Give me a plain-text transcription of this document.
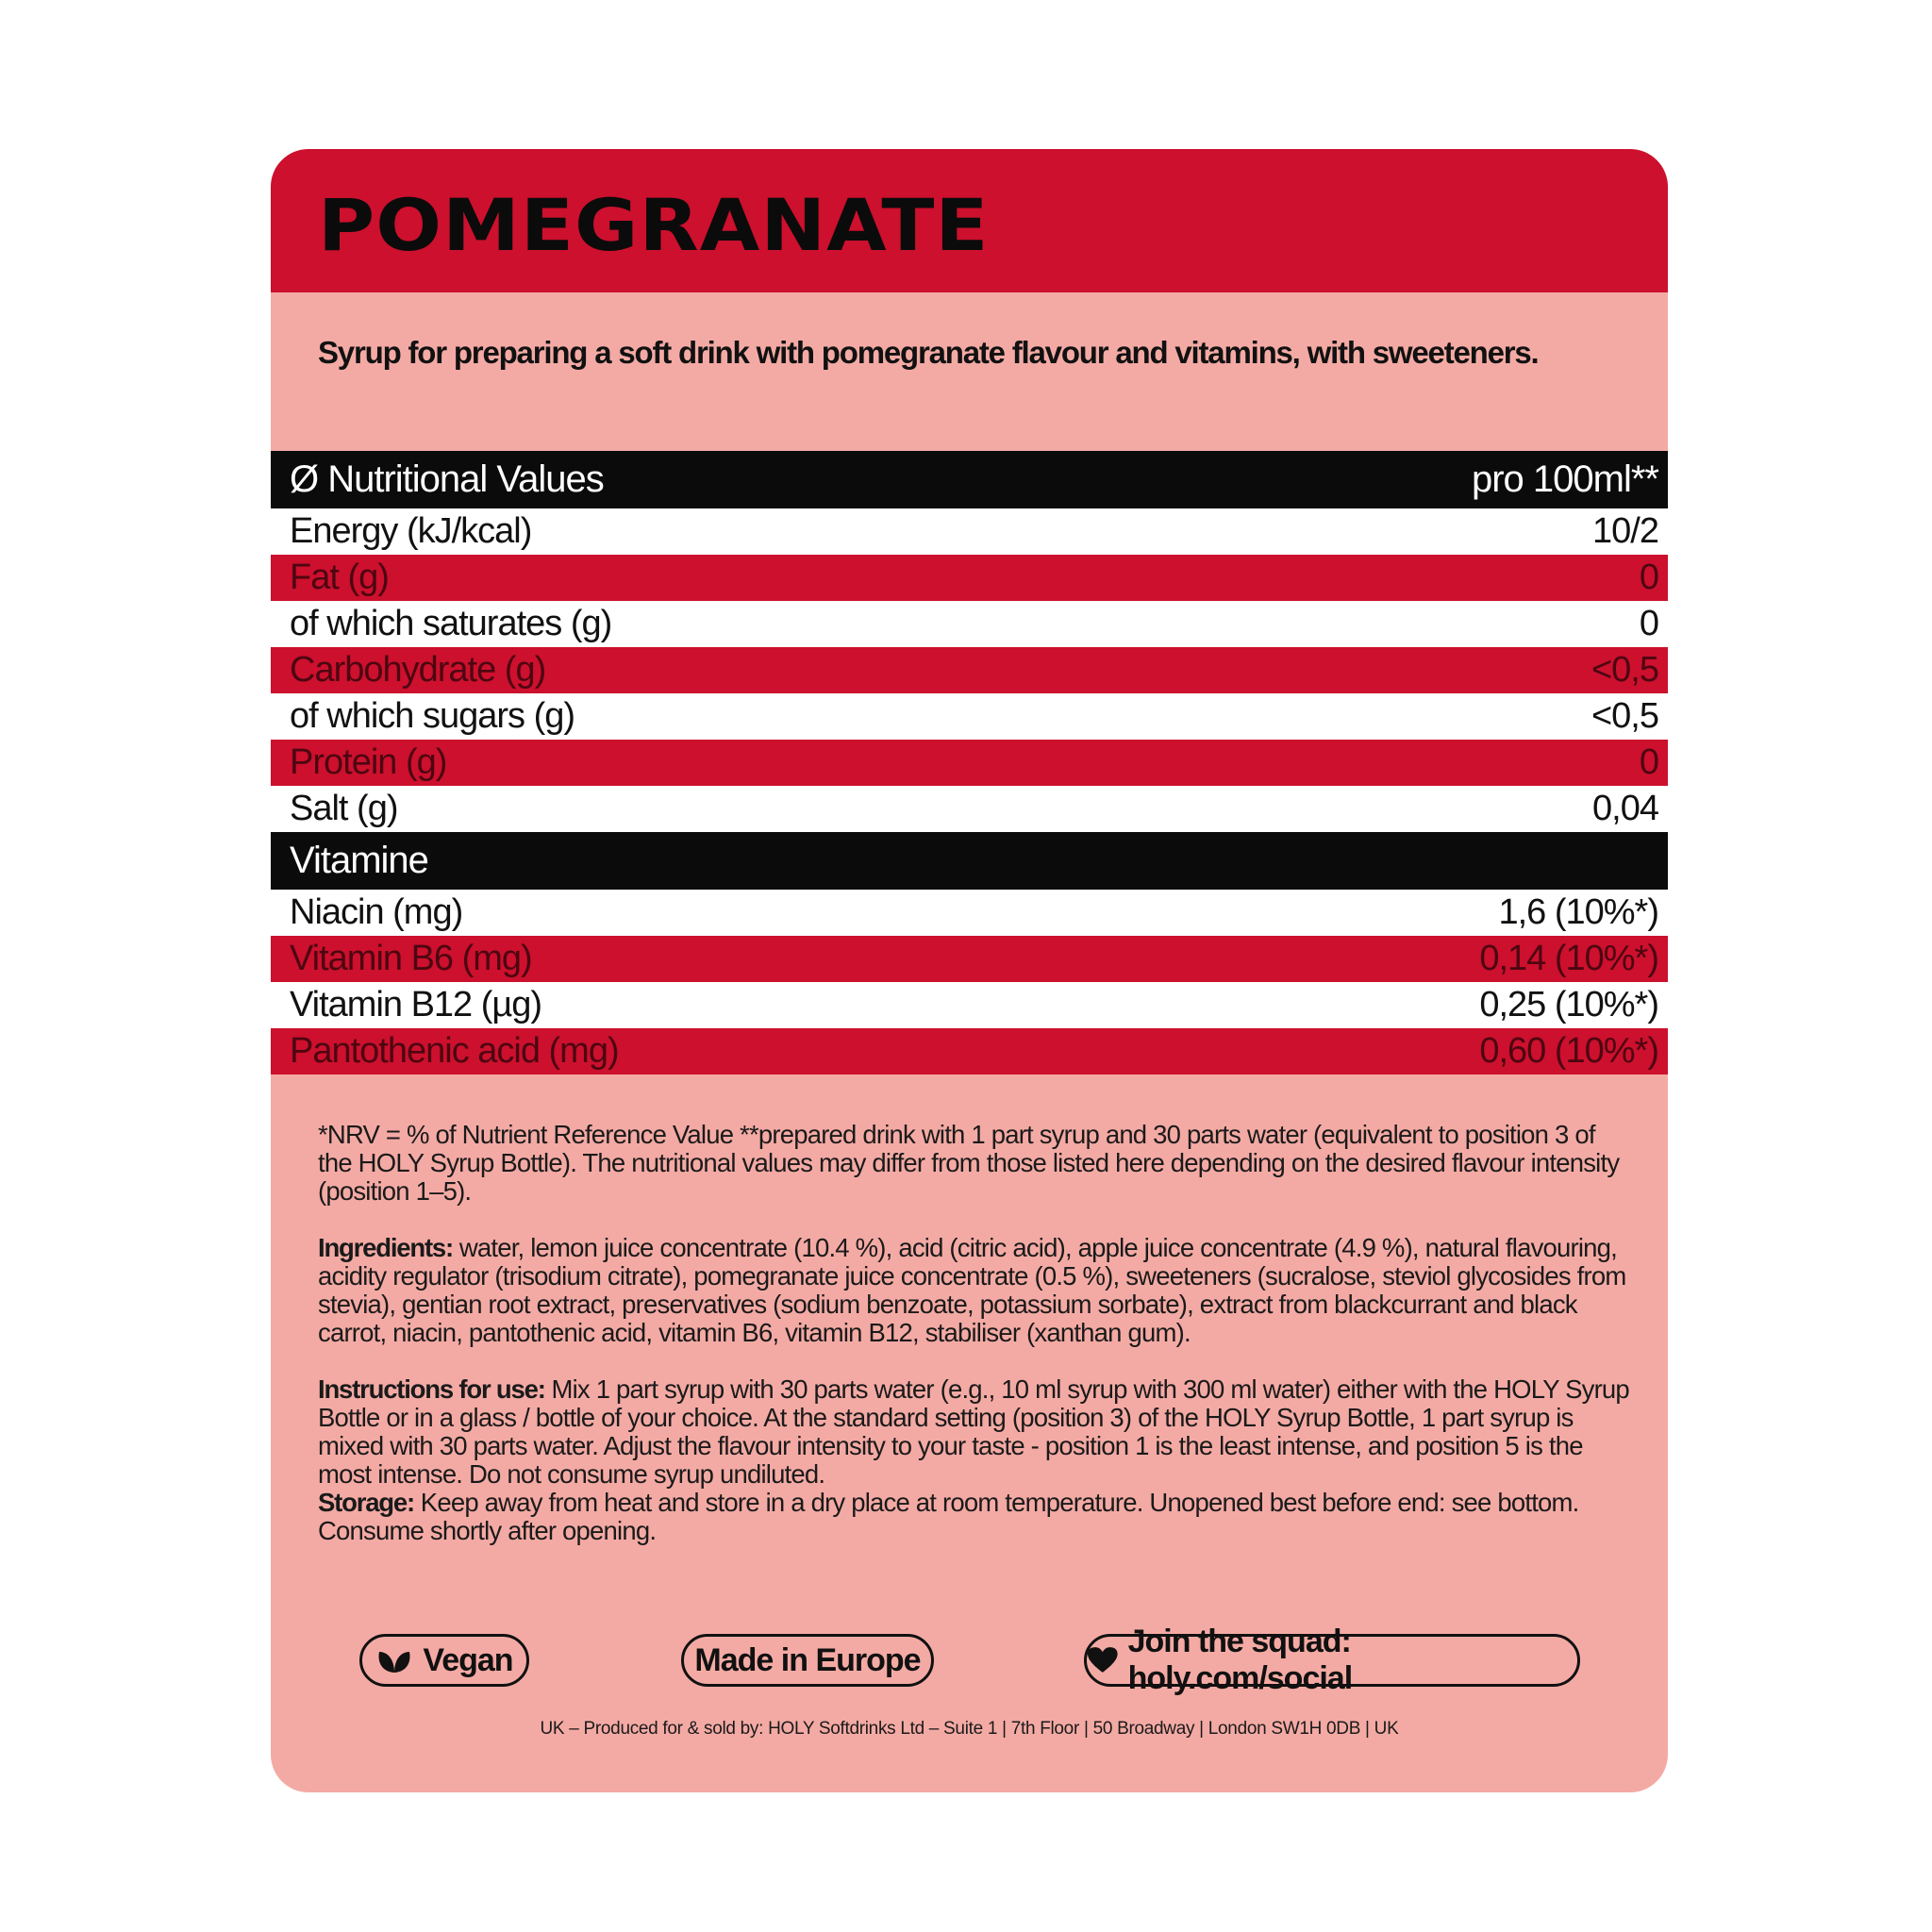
POMEGRANATE

Syrup for preparing a soft drink with pomegranate flavour and vitamins, with sweeteners.

Ø Nutritional Values	pro 100ml**
Energy (kJ/kcal)	10/2
Fat (g)	0
of which saturates (g)	0
Carbohydrate (g)	<0,5
of which sugars (g)	<0,5
Protein (g)	0
Salt (g)	0,04
Vitamine
Niacin (mg)	1,6 (10%*)
Vitamin B6 (mg)	0,14 (10%*)
Vitamin B12 (µg)	0,25 (10%*)
Pantothenic acid (mg)	0,60 (10%*)

*NRV = % of Nutrient Reference Value **prepared drink with 1 part syrup and 30 parts water (equivalent to position 3 of the HOLY Syrup Bottle). The nutritional values may differ from those listed here depending on the desired flavour intensity (position 1–5).

Ingredients: water, lemon juice concentrate (10.4 %), acid (citric acid), apple juice concentrate (4.9 %), natural flavouring, acidity regulator (trisodium citrate), pomegranate juice concentrate (0.5 %), sweeteners (sucralose, steviol glycosides from stevia), gentian root extract, preservatives (sodium benzoate, potassium sorbate), extract from blackcurrant and black carrot, niacin, pantothenic acid, vitamin B6, vitamin B12, stabiliser (xanthan gum).

Instructions for use: Mix 1 part syrup with 30 parts water (e.g., 10 ml syrup with 300 ml water) either with the HOLY Syrup Bottle or in a glass / bottle of your choice. At the standard setting (position 3) of the HOLY Syrup Bottle, 1 part syrup is mixed with 30 parts water. Adjust the flavour intensity to your taste - position 1 is the least intense, and position 5 is the most intense. Do not consume syrup undiluted.

Storage: Keep away from heat and store in a dry place at room temperature. Unopened best before end: see bottom. Consume shortly after opening.

Vegan	Made in Europe
Join the squad: holy.com/social
UK – Produced for & sold by: HOLY Softdrinks Ltd – Suite 1 | 7th Floor | 50 Broadway | London SW1H 0DB | UK
